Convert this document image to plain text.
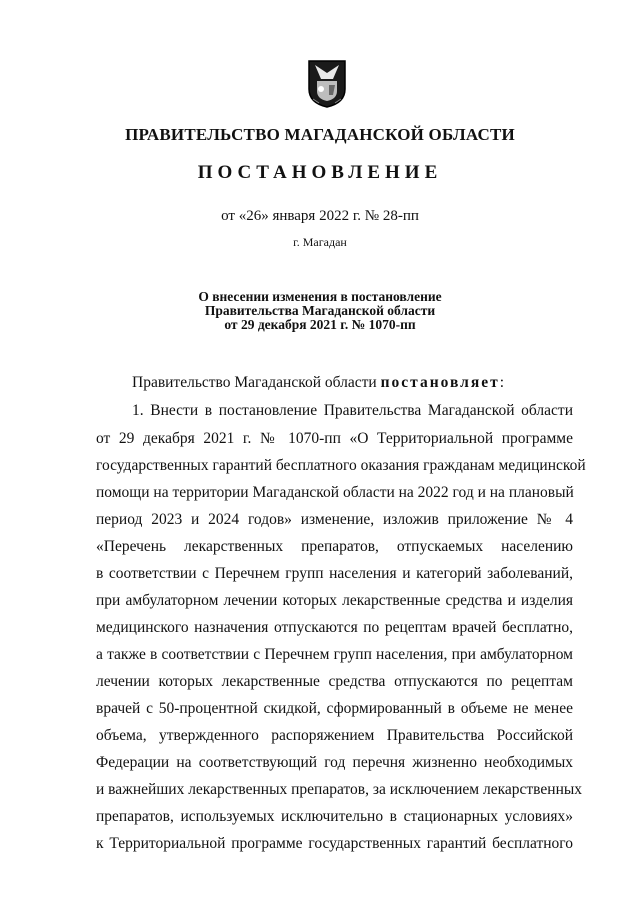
ПРАВИТЕЛЬСТВО МАГАДАНСКОЙ ОБЛАСТИ
ПОСТАНОВЛЕНИЕ
от «26» января 2022 г. № 28-пп
г. Магадан
О внесении изменения в постановление
Правительства Магаданской области
от 29 декабря 2021 г. № 1070-пп
Правительство Магаданской области постановляет:
1. Внести в постановление Правительства Магаданской области
от 29 декабря 2021 г. № 1070-пп «О Территориальной программе
государственных гарантий бесплатного оказания гражданам медицинской
помощи на территории Магаданской области на 2022 год и на плановый
период 2023 и 2024 годов» изменение, изложив приложение № 4
«Перечень лекарственных препаратов, отпускаемых населению
в соответствии с Перечнем групп населения и категорий заболеваний,
при амбулаторном лечении которых лекарственные средства и изделия
медицинского назначения отпускаются по рецептам врачей бесплатно,
а также в соответствии с Перечнем групп населения, при амбулаторном
лечении которых лекарственные средства отпускаются по рецептам
врачей с 50-процентной скидкой, сформированный в объеме не менее
объема, утвержденного распоряжением Правительства Российской
Федерации на соответствующий год перечня жизненно необходимых
и важнейших лекарственных препаратов, за исключением лекарственных
препаратов, используемых исключительно в стационарных условиях»
к Территориальной программе государственных гарантий бесплатного
